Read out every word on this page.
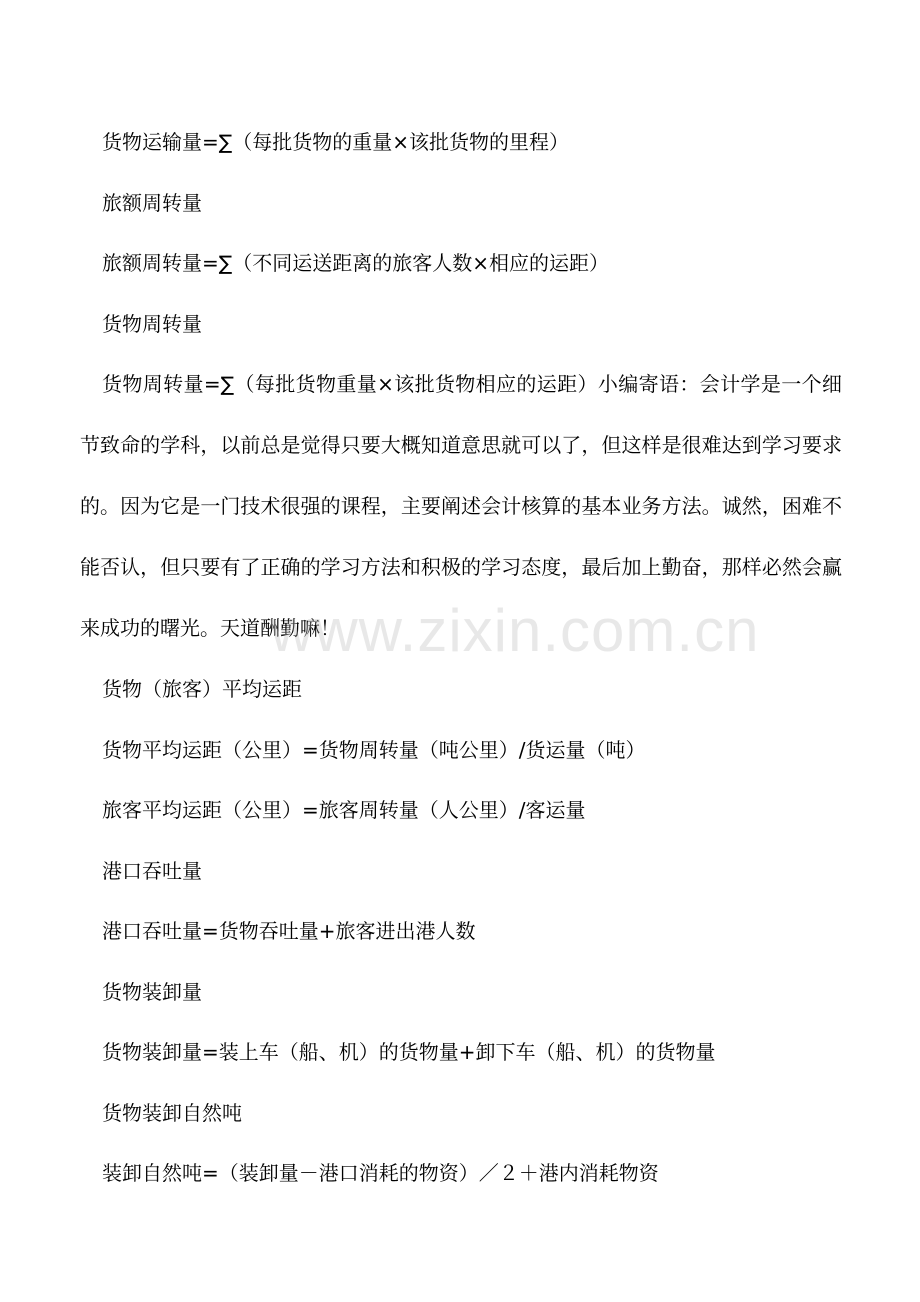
货物运输量=∑（每批货物的重量×该批货物的里程）

旅额周转量

旅额周转量=∑（不同运送距离的旅客人数×相应的运距）

货物周转量

货物周转量=∑（每批货物重量×该批货物相应的运距）小编寄语：会计学是一个细节致命的学科，以前总是觉得只要大概知道意思就可以了，但这样是很难达到学习要求的。因为它是一门技术很强的课程，主要阐述会计核算的基本业务方法。诚然，困难不能否认，但只要有了正确的学习方法和积极的学习态度，最后加上勤奋，那样必然会赢来成功的曙光。天道酬勤嘛！

货物（旅客）平均运距

货物平均运距（公里）=货物周转量（吨公里）/货运量（吨）

旅客平均运距（公里）=旅客周转量（人公里）/客运量

港口吞吐量

港口吞吐量=货物吞吐量+旅客进出港人数

货物装卸量

货物装卸量=装上车（船、机）的货物量+卸下车（船、机）的货物量

货物装卸自然吨

装卸自然吨=（装卸量－港口消耗的物资）／２＋港内消耗物资

www.zixin.com.cn
